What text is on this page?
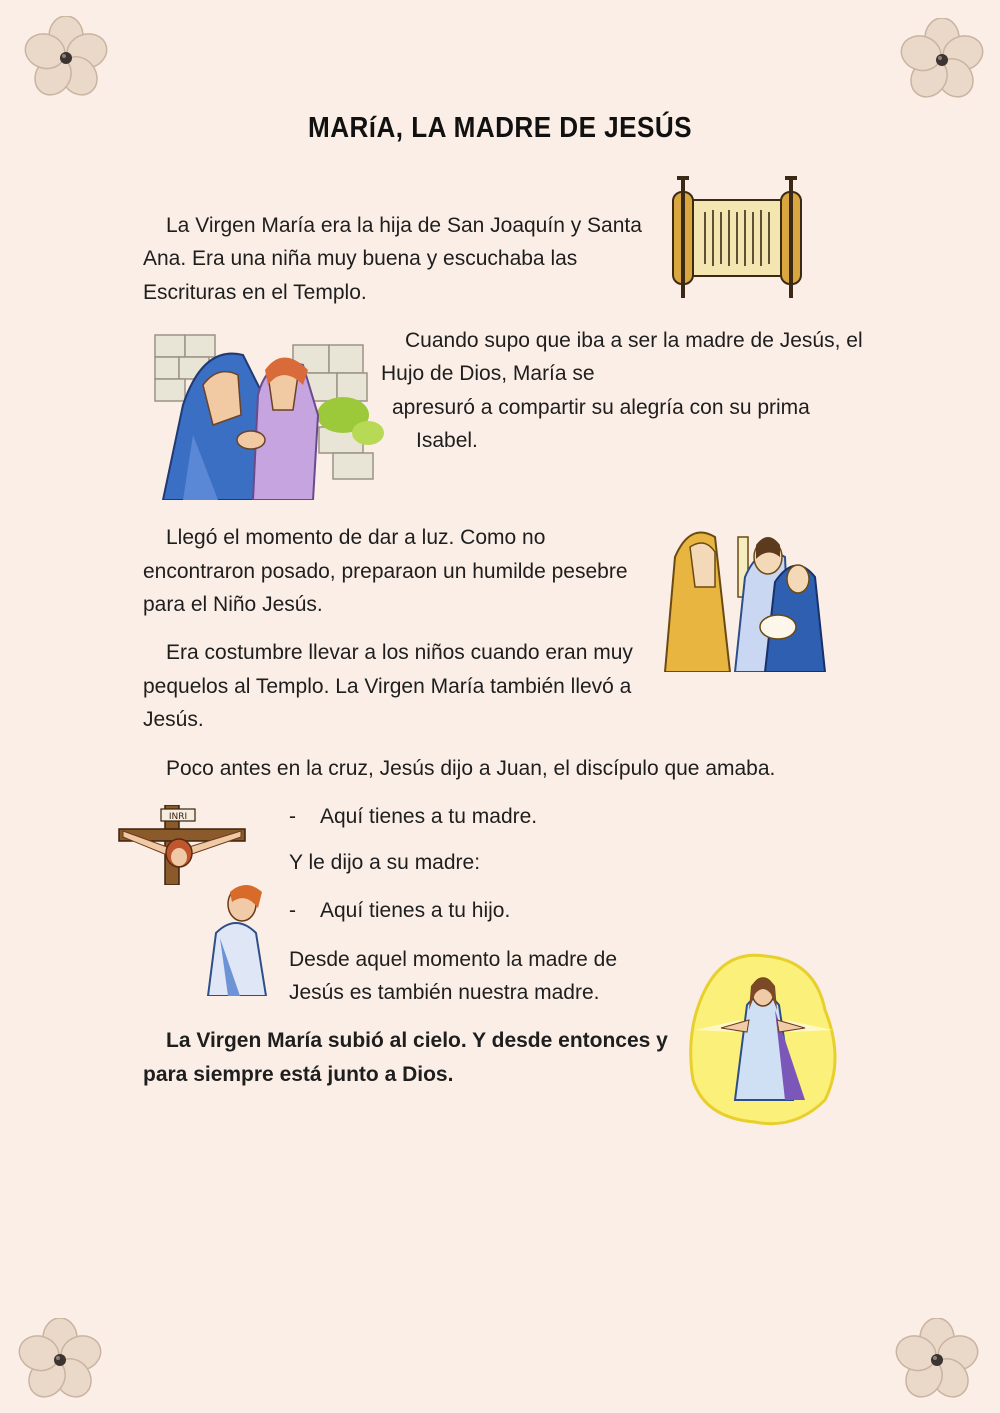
MARíA, LA MADRE DE JESÚS
La Virgen María era la hija de San Joaquín y Santa
Ana. Era una niña muy buena y escuchaba las
Escrituras en el Templo.
Cuando supo que iba a ser la madre de Jesús, el
Hujo de Dios, María se
apresuró a compartir su alegría con su prima
Isabel.
Llegó el momento de dar a luz. Como no
encontraron posado, preparaon un humilde pesebre
para el Niño Jesús.
Era costumbre llevar a los niños cuando eran muy
pequelos al Templo. La Virgen María también llevó a
Jesús.
Poco antes en la cruz, Jesús dijo a Juan, el discípulo que amaba.
INRI	- Aquí tienes a tu madre.
Y le dijo a su madre:
- Aquí tienes a tu hijo.
Desde aquel momento la madre de
Jesús es también nuestra madre.
La Virgen María subió al cielo. Y desde entonces y
para siempre está junto a Dios.
